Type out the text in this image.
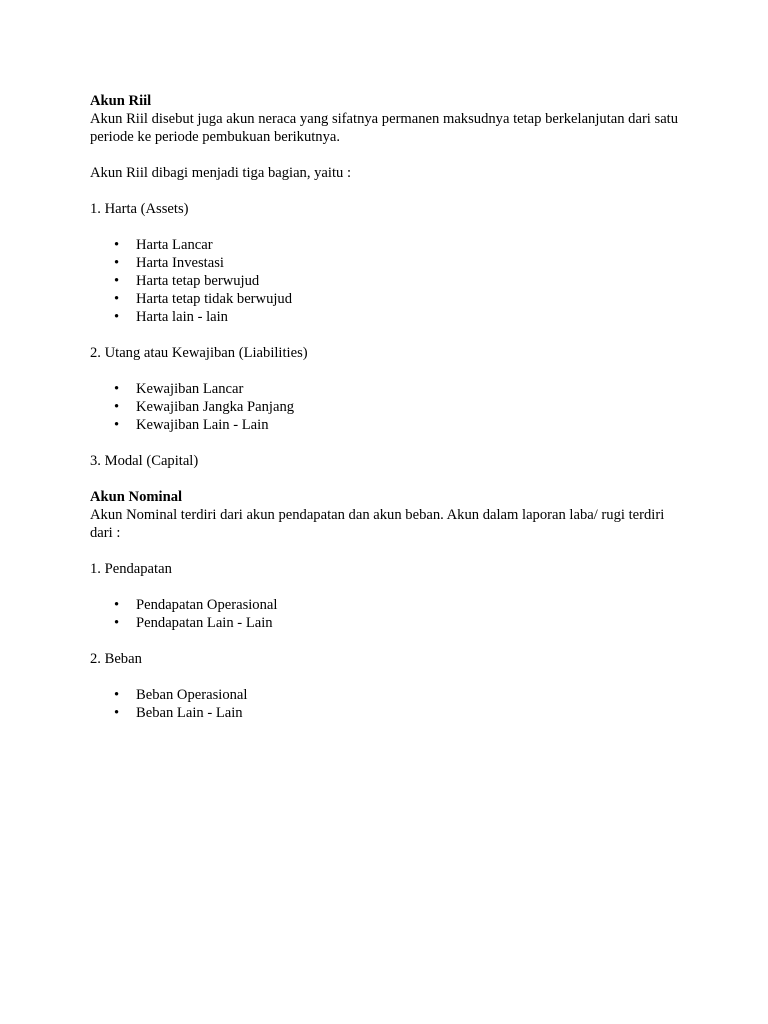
Akun Riil

Akun Riil disebut juga akun neraca yang sifatnya permanen maksudnya tetap berkelanjutan dari satu periode ke periode pembukuan berikutnya.

Akun Riil dibagi menjadi tiga bagian, yaitu :

1. Harta (Assets)

• Harta Lancar
• Harta Investasi
• Harta tetap berwujud
• Harta tetap tidak berwujud
• Harta lain - lain

2. Utang atau Kewajiban (Liabilities)

• Kewajiban Lancar
• Kewajiban Jangka Panjang
• Kewajiban Lain - Lain

3. Modal (Capital)

Akun Nominal

Akun Nominal terdiri dari akun pendapatan dan akun beban. Akun dalam laporan laba/ rugi terdiri dari :

1. Pendapatan

• Pendapatan Operasional
• Pendapatan Lain - Lain

2. Beban

• Beban Operasional
• Beban Lain - Lain
